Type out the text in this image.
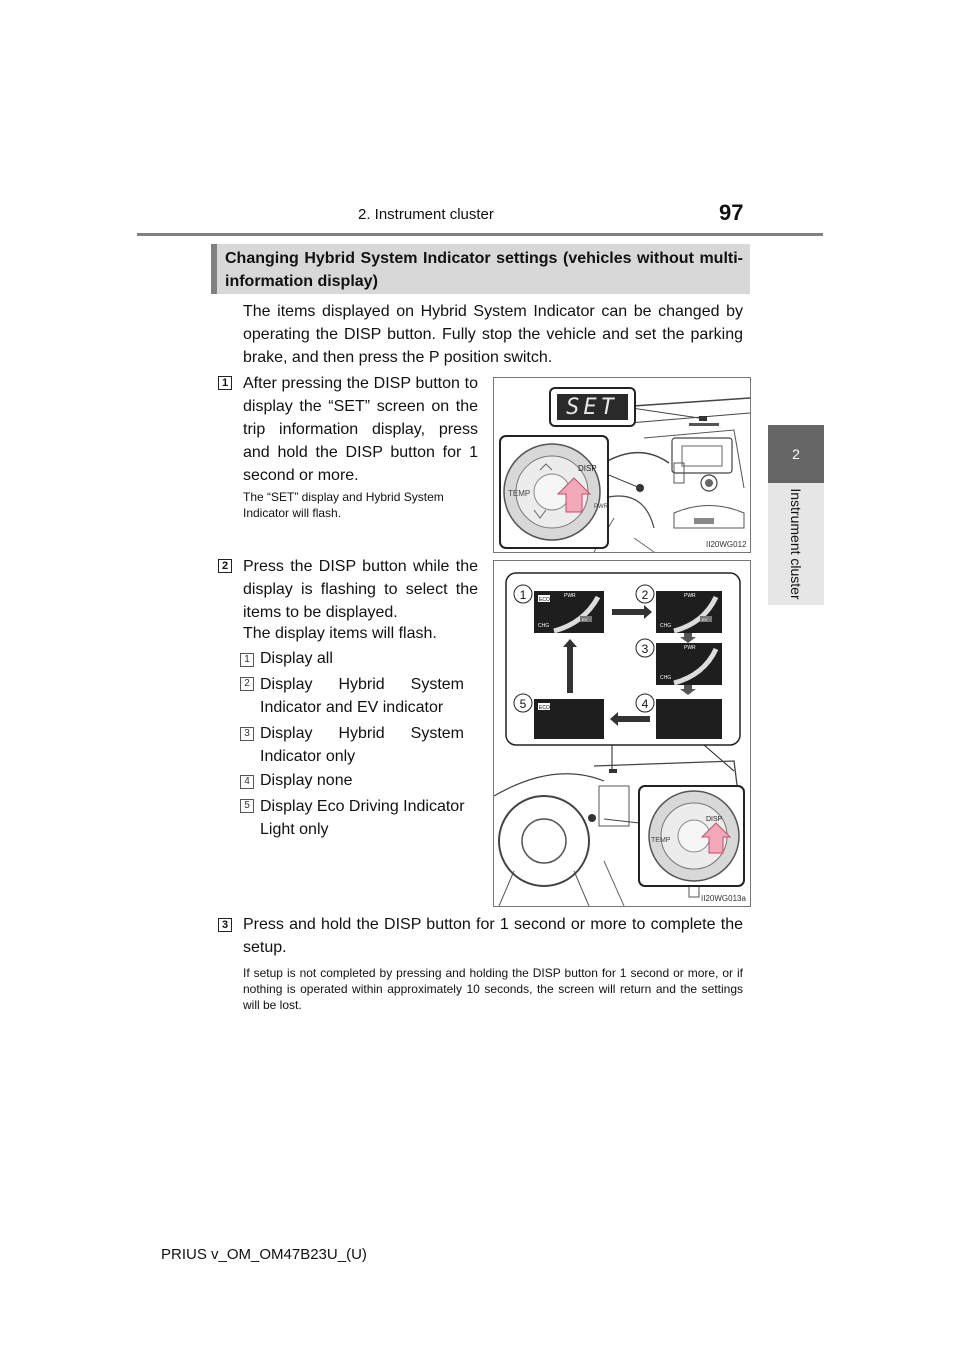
2. Instrument cluster	97
2
Instrument cluster
Changing Hybrid System Indicator settings (vehicles without multi-information display)
The items displayed on Hybrid System Indicator can be changed by operating the DISP button. Fully stop the vehicle and set the parking brake, and then press the P position switch.
1 After pressing the DISP button to display the “SET” screen on the trip information display, press and hold the DISP button for 1 second or more.
The “SET” display and Hybrid System Indicator will flash.
SET
DISP
TEMP
PWR
II20WG012
2 Press the DISP button while the display is flashing to select the items to be displayed.
The display items will flash.
1 Display all
2 Display Hybrid System Indicator and EV indicator
3 Display Hybrid System Indicator only
4 Display none
5 Display Eco Driving Indicator Light only
ECO
PWR
CHG
EV
PWR
CHG
EV
PWR
CHG
ECO
1	2
3
4
5
DISP
TEMP
II20WG013a
3 Press and hold the DISP button for 1 second or more to complete the setup.
If setup is not completed by pressing and holding the DISP button for 1 second or more, or if nothing is operated within approximately 10 seconds, the screen will return and the settings will be lost.
PRIUS v_OM_OM47B23U_(U)
